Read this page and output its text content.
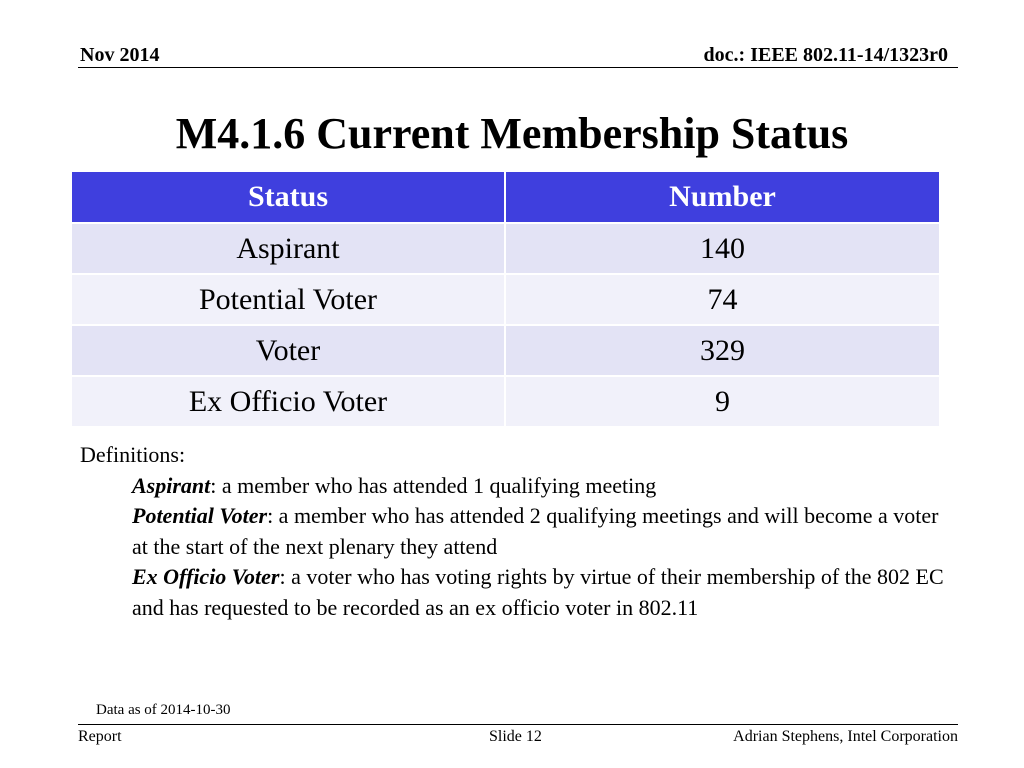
Nov 2014	doc.: IEEE 802.11-14/1323r0
M4.1.6 Current Membership Status
Status	Number
Aspirant	140
Potential Voter	74
Voter	329
Ex Officio Voter	9
Definitions:
Aspirant: a member who has attended 1 qualifying meeting
Potential Voter: a member who has attended 2 qualifying meetings and will become a voter at the start of the next plenary they attend
Ex Officio Voter: a voter who has voting rights by virtue of their membership of the 802 EC and has requested to be recorded as an ex officio voter in 802.11
Data as of 2014-10-30
Report	Slide 12	Adrian Stephens, Intel Corporation
